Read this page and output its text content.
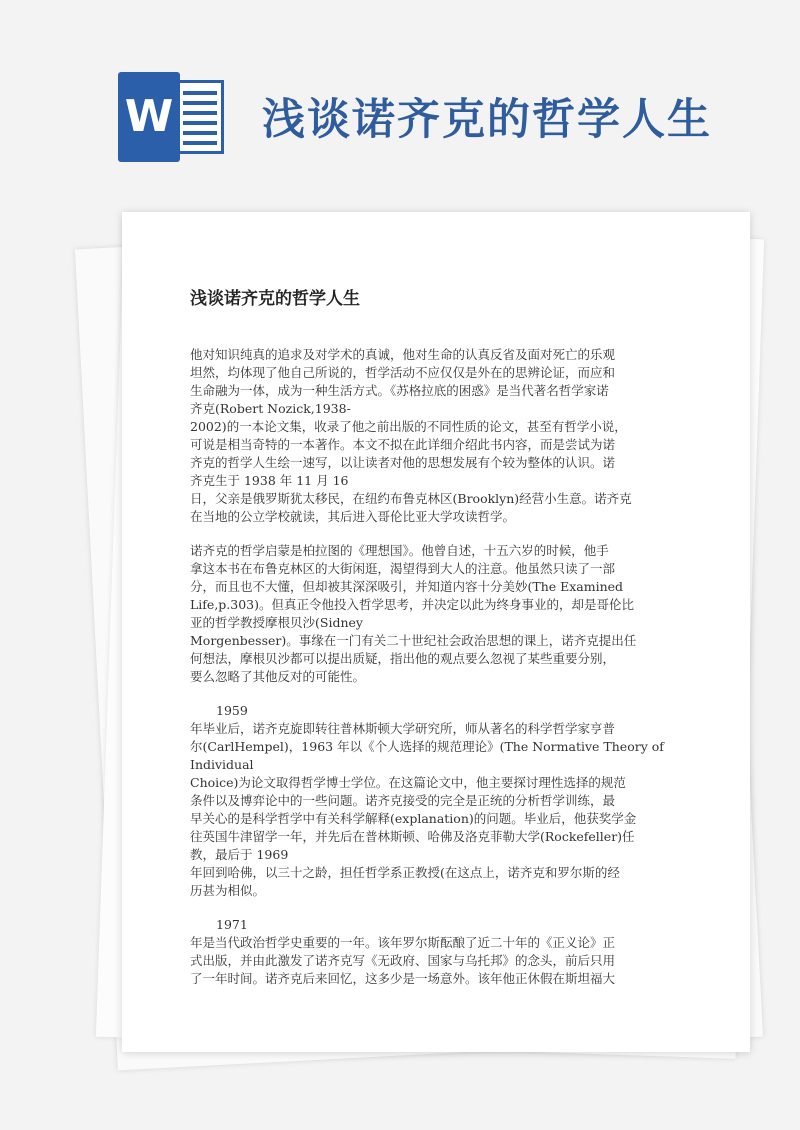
W 浅谈诺齐克的哲学人生
浅谈诺齐克的哲学人生

他对知识纯真的追求及对学术的真诚，他对生命的认真反省及面对死亡的乐观
坦然，均体现了他自己所说的，哲学活动不应仅仅是外在的思辨论证，而应和
生命融为一体，成为一种生活方式。《苏格拉底的困惑》是当代著名哲学家诺
齐克(Robert Nozick,1938-
2002)的一本论文集，收录了他之前出版的不同性质的论文，甚至有哲学小说，
可说是相当奇特的一本著作。本文不拟在此详细介绍此书内容，而是尝试为诺
齐克的哲学人生绘一速写，以让读者对他的思想发展有个较为整体的认识。诺
齐克生于 1938 年 11 月 16
日，父亲是俄罗斯犹太移民，在纽约布鲁克林区(Brooklyn)经营小生意。诺齐克
在当地的公立学校就读，其后进入哥伦比亚大学攻读哲学。

诺齐克的哲学启蒙是柏拉图的《理想国》。他曾自述，十五六岁的时候，他手
拿这本书在布鲁克林区的大街闲逛，渴望得到大人的注意。他虽然只读了一部
分，而且也不大懂，但却被其深深吸引，并知道内容十分美妙(The Examined
Life,p.303)。但真正令他投入哲学思考，并决定以此为终身事业的，却是哥伦比
亚的哲学教授摩根贝沙(Sidney
Morgenbesser)。事缘在一门有关二十世纪社会政治思想的课上，诺齐克提出任
何想法，摩根贝沙都可以提出质疑，指出他的观点要么忽视了某些重要分别，
要么忽略了其他反对的可能性。

1959
年毕业后，诺齐克旋即转往普林斯顿大学研究所，师从著名的科学哲学家亨普
尔(CarlHempel)，1963 年以《个人选择的规范理论》(The Normative Theory of
Individual
Choice)为论文取得哲学博士学位。在这篇论文中，他主要探讨理性选择的规范
条件以及博弈论中的一些问题。诺齐克接受的完全是正统的分析哲学训练，最
早关心的是科学哲学中有关科学解释(explanation)的问题。毕业后，他获奖学金
往英国牛津留学一年，并先后在普林斯顿、哈佛及洛克菲勒大学(Rockefeller)任
教，最后于 1969
年回到哈佛，以三十之龄，担任哲学系正教授(在这点上，诺齐克和罗尔斯的经
历甚为相似。

1971
年是当代政治哲学史重要的一年。该年罗尔斯酝酿了近二十年的《正义论》正
式出版，并由此激发了诺齐克写《无政府、国家与乌托邦》的念头，前后只用
了一年时间。诺齐克后来回忆，这多少是一场意外。该年他正休假在斯坦福大
